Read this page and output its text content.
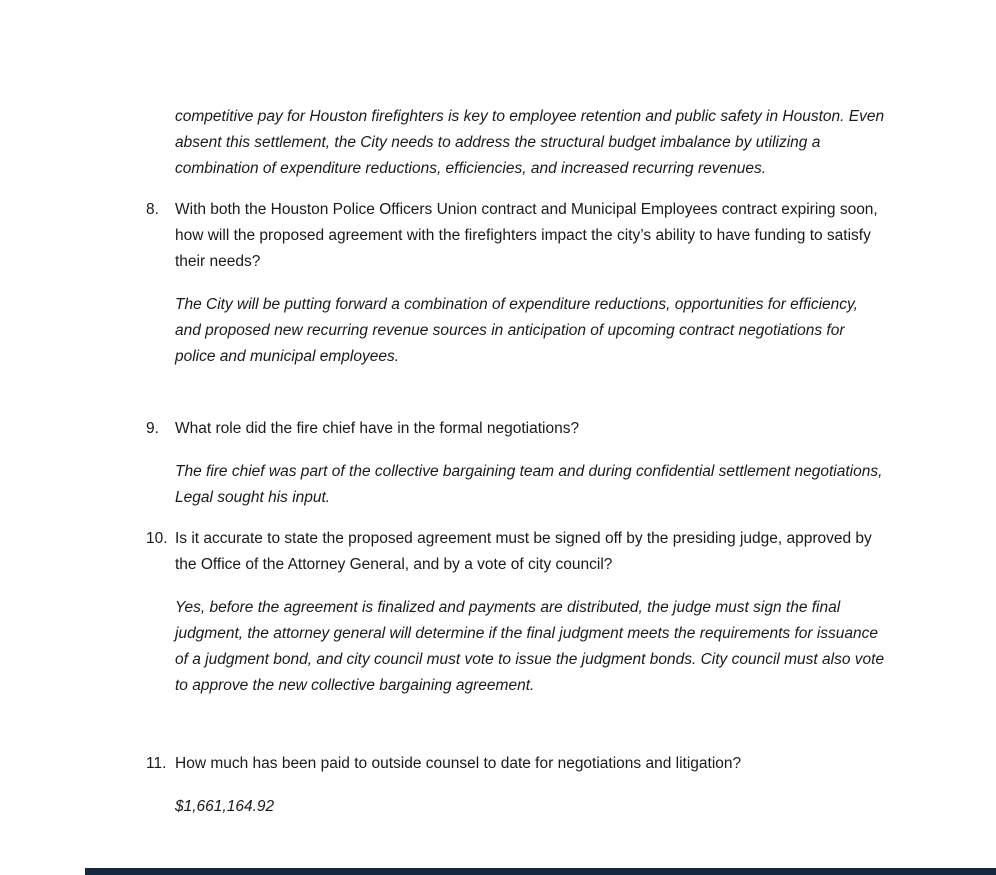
competitive pay for Houston firefighters is key to employee retention and public safety in Houston. Even absent this settlement, the City needs to address the structural budget imbalance by utilizing a combination of expenditure reductions, efficiencies, and increased recurring revenues.

8.	With both the Houston Police Officers Union contract and Municipal Employees contract expiring soon, how will the proposed agreement with the firefighters impact the city’s ability to have funding to satisfy their needs?

The City will be putting forward a combination of expenditure reductions, opportunities for efficiency, and proposed new recurring revenue sources in anticipation of upcoming contract negotiations for police and municipal employees.

9.	What role did the fire chief have in the formal negotiations?

The fire chief was part of the collective bargaining team and during confidential settlement negotiations, Legal sought his input.

10. Is it accurate to state the proposed agreement must be signed off by the presiding judge, approved by the Office of the Attorney General, and by a vote of city council?

Yes, before the agreement is finalized and payments are distributed, the judge must sign the final judgment, the attorney general will determine if the final judgment meets the requirements for issuance of a judgment bond, and city council must vote to issue the judgment bonds. City council must also vote to approve the new collective bargaining agreement.

11. How much has been paid to outside counsel to date for negotiations and litigation?

$1,661,164.92
